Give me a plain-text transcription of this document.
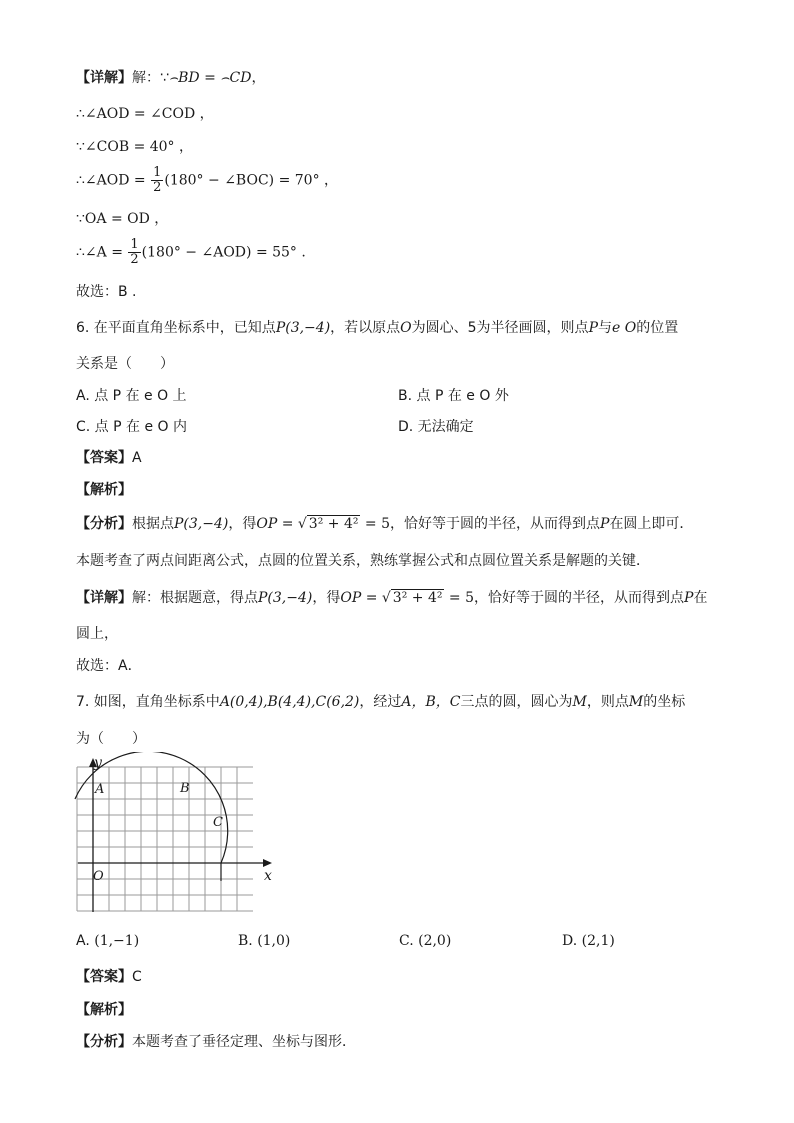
【详解】解：∵⌢BD = ⌢CD，
∴∠AOD = ∠COD ，
∵∠COB = 40° ，
∴∠AOD = $\frac{1}{2} (180^\circ$ − ∠BOC) = 70° ，
∵OA = OD ，
∴∠A = $\frac{1}{2} (180^\circ$ − ∠AOD) = 55° .
故选：B .
6. 在平面直角坐标系中，已知点P(3,−4)，若以原点O为圆心、5为半径画圆，则点P与e O的位置
关系是（　　）
A. 点 P 在 e O 上	B. 点 P 在 e O 外
C. 点 P 在 e O 内	D. 无法确定
【答案】A
【解析】
【分析】根据点P(3,−4)，得OP = √ 3² + 4² = 5，恰好等于圆的半径，从而得到点P在圆上即可．
本题考查了两点间距离公式，点圆的位置关系，熟练掌握公式和点圆位置关系是解题的关键．
【详解】解：根据题意，得点P(3,−4)，得OP = √ 3² + 4² = 5，恰好等于圆的半径，从而得到点P在
圆上，
故选：A．
7. 如图，直角坐标系中A(0,4),B(4,4),C(6,2)，经过A，B，C三点的圆，圆心为M，则点M的坐标
为（　　）
y
x
O
A	B
C
A. (1,−1)	B. (1,0)	C. (2,0)	D. (2,1)
【答案】C
【解析】
【分析】本题考查了垂径定理、坐标与图形．
